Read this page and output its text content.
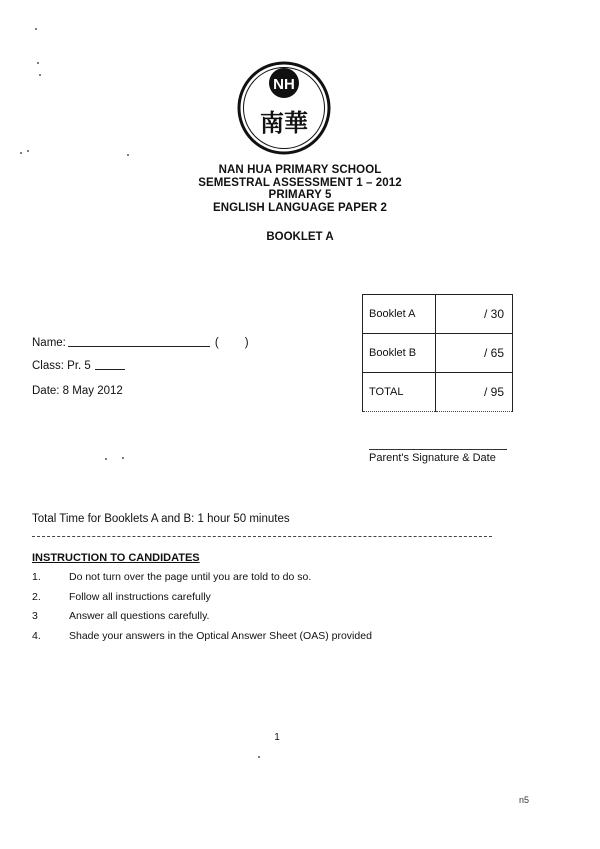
NH
南華
NAN HUA PRIMARY SCHOOL
SEMESTRAL ASSESSMENT 1 – 2012
PRIMARY 5
ENGLISH LANGUAGE PAPER 2
BOOKLET A
Name:	( )
Class: Pr. 5
Date: 8 May 2012
Booklet A	/ 30
Booklet B	/ 65
TOTAL	/ 95
Parent's Signature & Date
Total Time for Booklets A and B: 1 hour 50 minutes
INSTRUCTION TO CANDIDATES
1.	Do not turn over the page until you are told to do so.
2.	Follow all instructions carefully
3	Answer all questions carefully.
4.	Shade your answers in the Optical Answer Sheet (OAS) provided
1
n5
